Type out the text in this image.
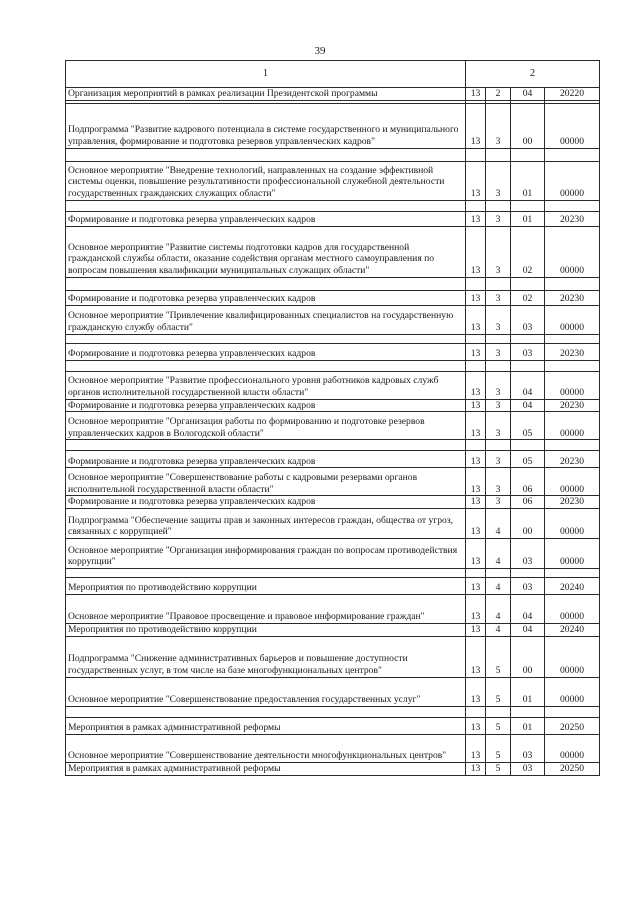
39
1	2			
Организация мероприятий в рамках реализации Президентской программы	13	2	04	20220

Подпрограмма "Развитие кадрового потенциала в системе государственного и муниципального управления, формирование и подготовка резервов управленческих кадров"	13	3	00	00000

Основное мероприятие "Внедрение технологий, направленных на создание эффективной системы оценки, повышение результативности профессиональной служебной деятельности государственных гражданских служащих области"	13	3	01	00000

Формирование и подготовка резерва управленческих кадров	13	3	01	20230
Основное мероприятие "Развитие системы подготовки кадров для государственной гражданской службы области, оказание содействия органам местного самоуправления по вопросам повышения квалификации муниципальных служащих области"	13	3	02	00000

Формирование и подготовка резерва управленческих кадров	13	3	02	20230
Основное мероприятие "Привлечение квалифицированных специалистов на государственную гражданскую службу области"	13	3	03	00000

Формирование и подготовка резерва управленческих кадров	13	3	03	20230

Основное мероприятие "Развитие профессионального уровня работников кадровых служб органов исполнительной государственной власти области"	13	3	04	00000
Формирование и подготовка резерва управленческих кадров	13	3	04	20230
Основное мероприятие "Организация работы по формированию и подготовке резервов управленческих кадров в Вологодской области"	13	3	05	00000

Формирование и подготовка резерва управленческих кадров	13	3	05	20230
Основное мероприятие "Совершенствование работы с кадровыми резервами органов исполнительной государственной власти области"	13	3	06	00000
Формирование и подготовка резерва управленческих кадров	13	3	06	20230
Подпрограмма "Обеспечение защиты прав и законных интересов граждан, общества от угроз, связанных с коррупцией"	13	4	00	00000
Основное мероприятие "Организация информирования граждан по вопросам противодействия коррупции"	13	4	03	00000

Мероприятия по противодействию коррупции	13	4	03	20240
Основное мероприятие "Правовое просвещение и правовое информирование граждан"	13	4	04	00000
Мероприятия по противодействию коррупции	13	4	04	20240
Подпрограмма "Снижение административных барьеров и повышение доступности государственных услуг, в том числе на базе многофункциональных центров"	13	5	00	00000
Основное мероприятие "Совершенствование предоставления государственных услуг"	13	5	01	00000

Мероприятия в рамках административной реформы	13	5	01	20250
Основное мероприятие "Совершенствование деятельности многофункциональных центров"	13	5	03	00000
Мероприятия в рамках административной реформы	13	5	03	20250
